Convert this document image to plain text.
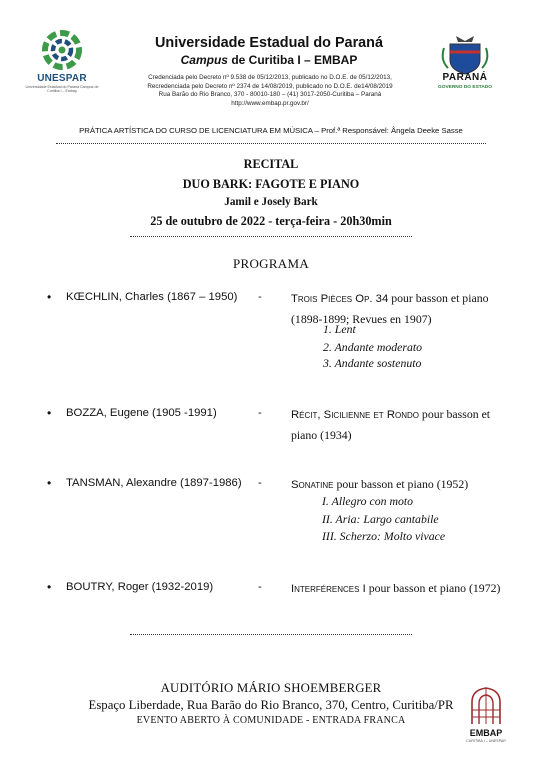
UNESPAR
Universidade Estadual do Paraná Campus de Curitiba I – Embap
Universidade Estadual do Paraná
Campus de Curitiba I – EMBAP
Credenciada pelo Decreto nº 9.538 de 05/12/2013, publicado no D.O.E. de 05/12/2013,
Recredenciada pelo Decreto nº 2374 de 14/08/2019, publicado no D.O.E. de14/08/2019
Rua Barão do Rio Branco, 370 - 80010-180 – (41) 3017-2050-Curitiba – Paraná
http://www.embap.pr.gov.br/
PARANÁ
GOVERNO DO ESTADO
PRÁTICA ARTÍSTICA DO CURSO DE LICENCIATURA EM MÚSICA – Prof.ª Responsável: Ângela Deeke Sasse
RECITAL
DUO BARK: FAGOTE E PIANO
Jamil e Josely Bark
25 de outubro de 2022 - terça-feira - 20h30min
PROGRAMA
• KŒCHLIN, Charles (1867 – 1950) -	Trois Pièces Op. 34 pour basson et piano (1898-1899; Revues en 1907)
1. Lent
2. Andante moderato
3. Andante sostenuto
• BOZZA, Eugene (1905 -1991)	-	Récit, Sicilienne et Rondo pour basson et piano (1934)
• TANSMAN, Alexandre (1897-1986) -	Sonatine pour basson et piano (1952)
I. Allegro con moto
II. Aria: Largo cantabile
III. Scherzo: Molto vivace
• BOUTRY, Roger (1932-2019)	-	Interférences I pour basson et piano (1972)
AUDITÓRIO MÁRIO SHOEMBERGER
Espaço Liberdade, Rua Barão do Rio Branco, 370, Centro, Curitiba/PR
EVENTO ABERTO À COMUNIDADE - ENTRADA FRANCA
EMBAP
CURITIBA I – UNESPAR
